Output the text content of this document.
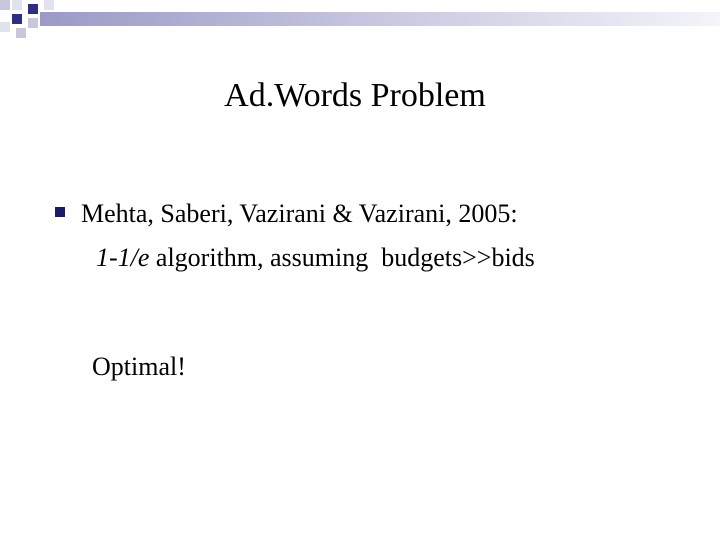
Ad.Words Problem
Mehta, Saberi, Vazirani & Vazirani, 2005:
1-1/e algorithm, assuming  budgets>>bids
Optimal!
